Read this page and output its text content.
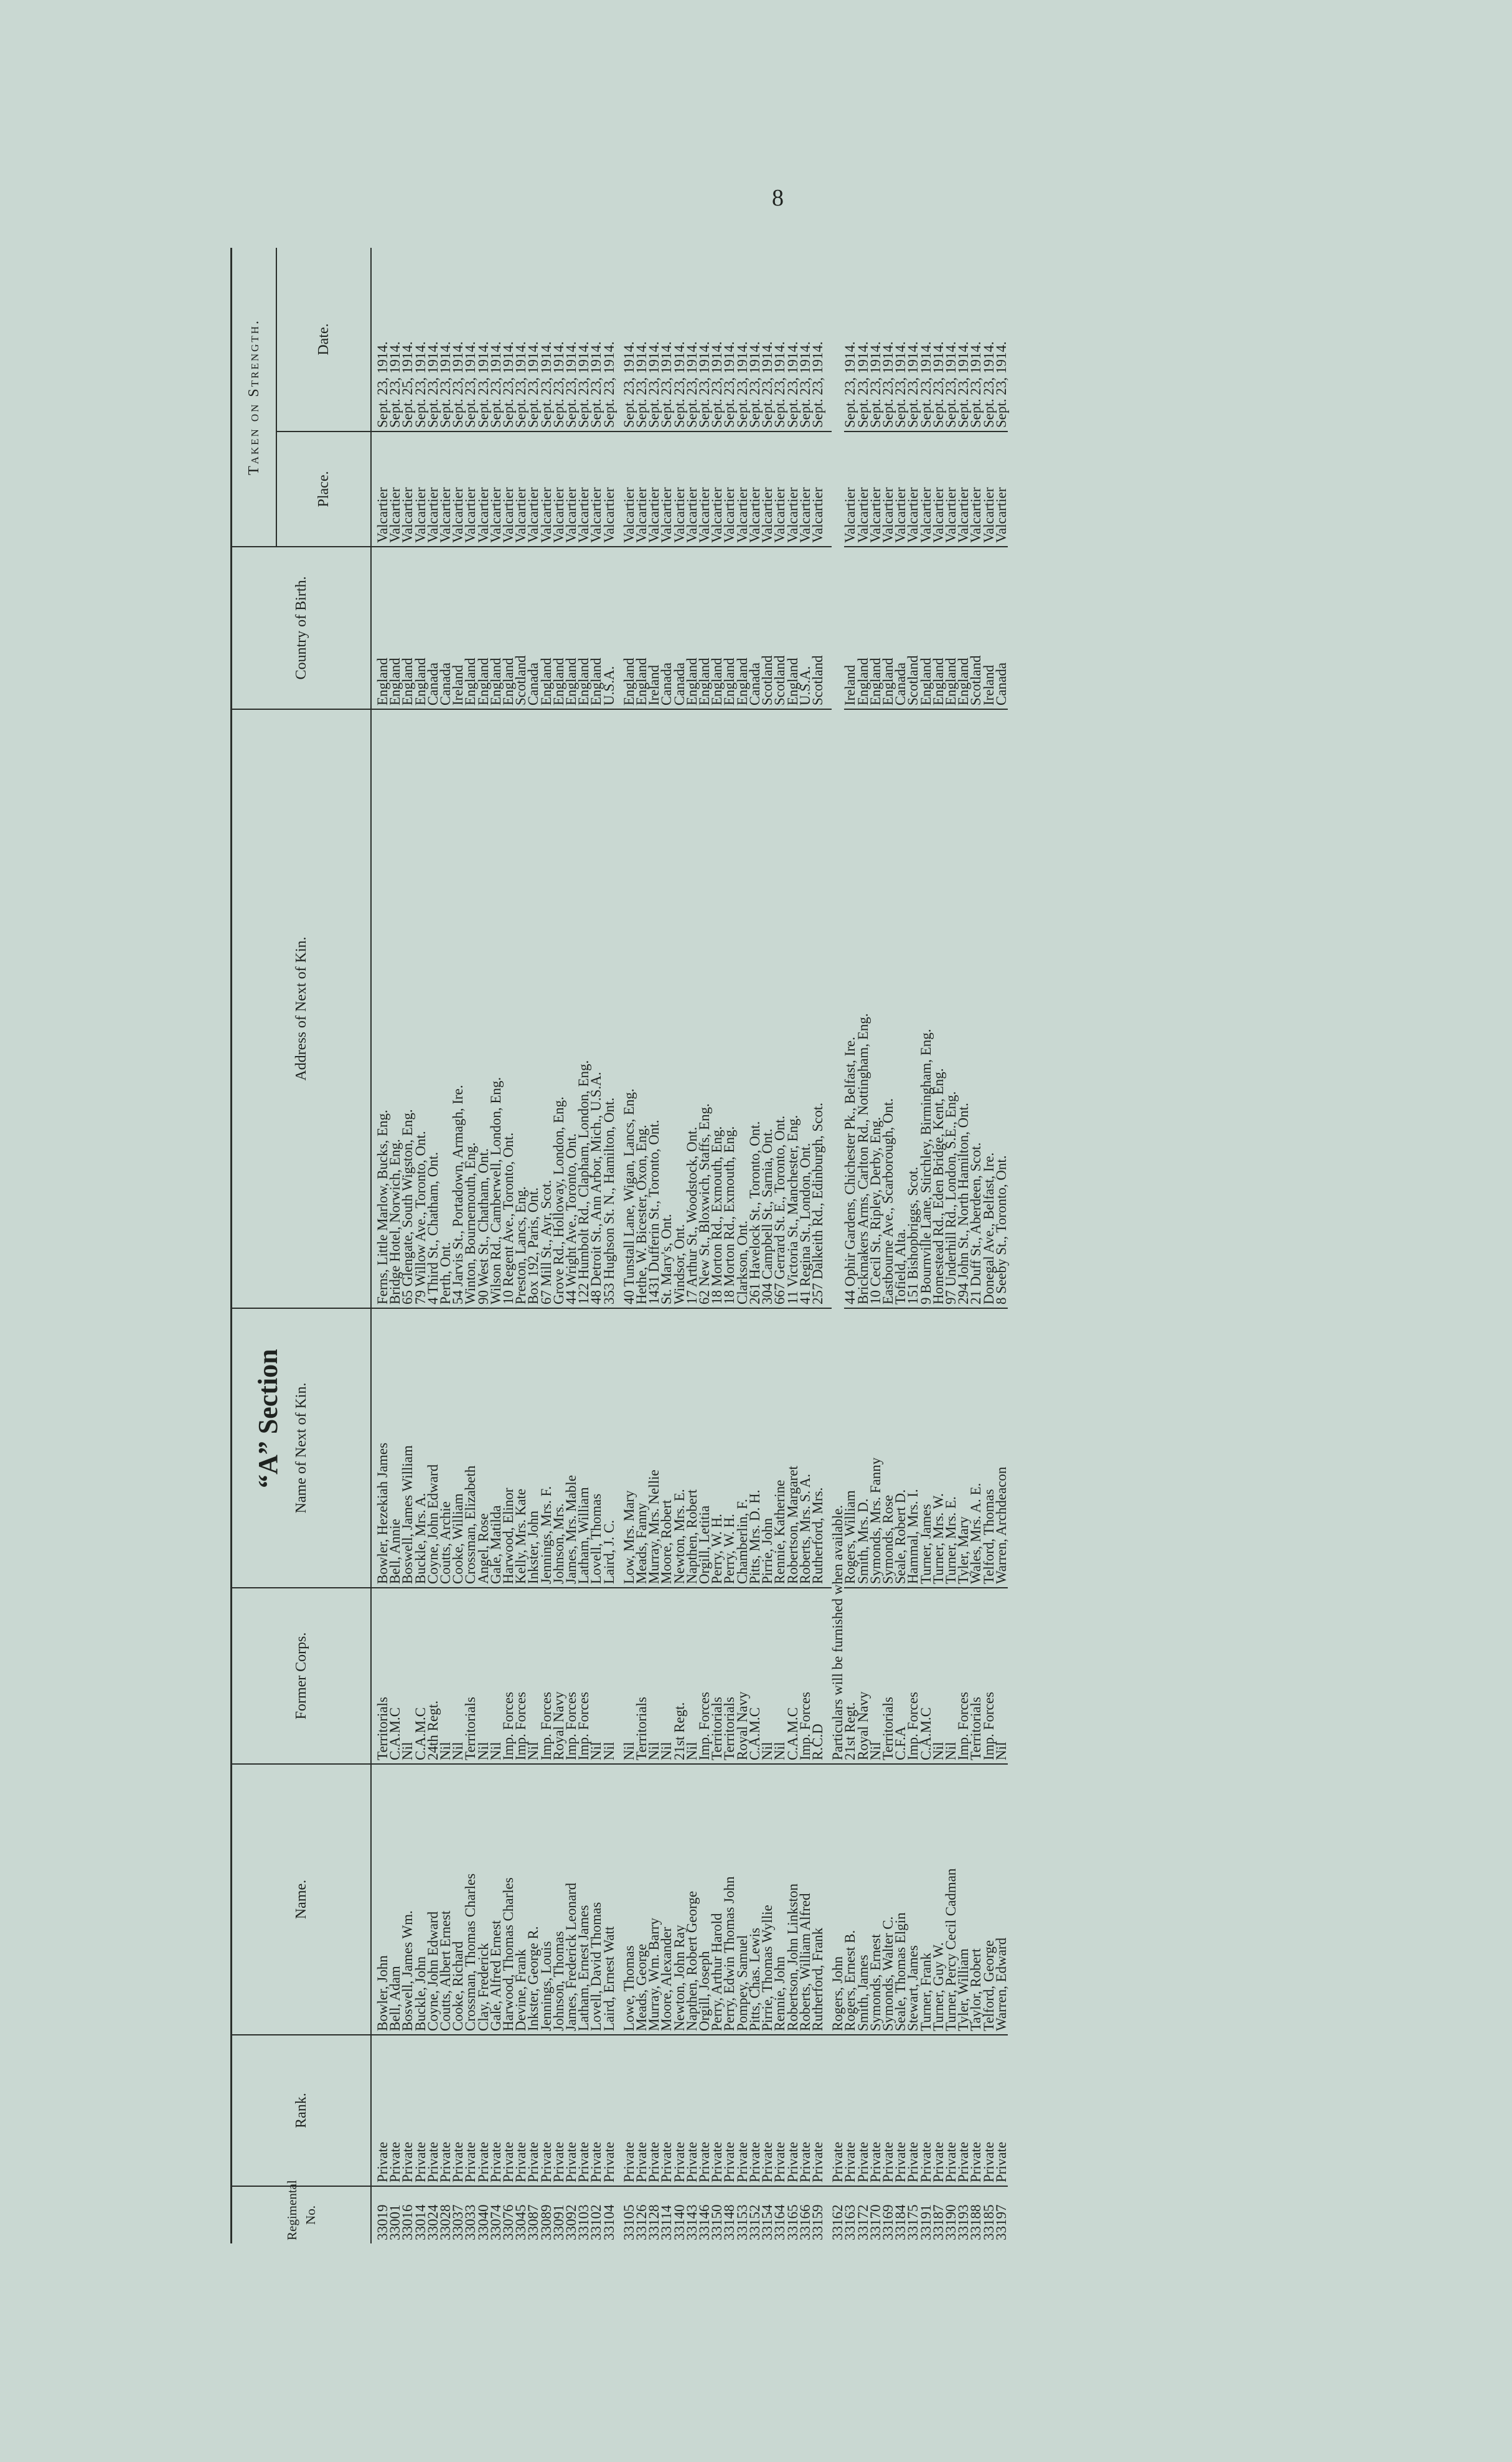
8
“A” Section
Regimental No.	Rank.	Name.	Former Corps.	Name of Next of Kin.	Address of Next of Kin.	Country of Birth.	Taken on Strength.	
							Place.	Date.
33019	Private	Bowler, John	Territorials	Bowler, Hezekiah James	Ferns, Little Marlow, Bucks, Eng.	England	Valcartier	Sept. 23, 1914.
33001	Private	Bell, Adam	C.A.M.C	Bell, Annie	Bridge Hotel, Norwich, Eng.	England	Valcartier	Sept. 23, 1914.
33016	Private	Boswell, James Wm.	Nil	Boswell, James William	65 Glengate, South Wigston, Eng.	England	Valcartier	Sept. 25, 1914.
33014	Private	Buckle, John	C.A.M.C	Buckle, Mrs. A.	79 Willow Ave., Toronto, Ont.	England	Valcartier	Sept. 23, 1914.
33024	Private	Coyne, John Edward	24th Regt.	Coyne, John Edward	4 Third St., Chatham, Ont.	Canada	Valcartier	Sept. 23, 1914.
33028	Private	Coutts, Albert Ernest	Nil	Coutts, Archie	Perth, Ont.	Canada	Valcartier	Sept. 23, 1914.
33037	Private	Cooke, Richard	Nil	Cooke, William	54 Jarvis St., Portadown, Armagh, Ire.	Ireland	Valcartier	Sept. 23, 1914.
33033	Private	Crossman, Thomas Charles	Territorials	Crossman, Elizabeth	Winton, Bournemouth, Eng.	England	Valcartier	Sept. 23, 1914.
33040	Private	Clay, Frederick	Nil	Angel, Rose	90 West St., Chatham, Ont.	England	Valcartier	Sept. 23, 1914.
33074	Private	Gale, Alfred Ernest	Nil	Gale, Matilda	Wilson Rd., Camberwell, London, Eng.	England	Valcartier	Sept. 23, 1914.
33076	Private	Harwood, Thomas Charles	Imp. Forces	Harwood, Elinor	10 Regent Ave., Toronto, Ont.	England	Valcartier	Sept. 23, 1914.
33045	Private	Devine, Frank	Imp. Forces	Kelly, Mrs. Kate	Preston, Lancs, Eng.	Scotland	Valcartier	Sept. 23, 1914.
33087	Private	Inkster, George R.	Nil	Inkster, John	Box 192, Paris, Ont.	Canada	Valcartier	Sept. 23, 1914.
33089	Private	Jennings, Louis	Imp. Forces	Jennings, Mrs. F.	67 Mill St., Ayr, Scot.	England	Valcartier	Sept. 23, 1914.
33091	Private	Johnson, Thomas	Royal Navy	Johnson, Mrs.	Grove Rd., Holloway, London, Eng.	England	Valcartier	Sept. 23, 1914.
33092	Private	James, Frederick Leonard	Imp. Forces	James, Mrs. Mable	44 Wright Ave., Toronto, Ont.	England	Valcartier	Sept. 23, 1914.
33103	Private	Latham, Ernest James	Imp. Forces	Latham, William	122 Humbolt Rd., Clapham, London, Eng.	England	Valcartier	Sept. 23, 1914.
33102	Private	Lovell, David Thomas	Nil	Lovell, Thomas	48 Detroit St., Ann Arbor, Mich., U.S.A.	England	Valcartier	Sept. 23, 1914.
33104	Private	Laird, Ernest Watt	Nil	Laird, J. C.	353 Hughson St. N., Hamilton, Ont.	U.S.A.	Valcartier	Sept. 23, 1914.

33105	Private	Lowe, Thomas	Nil	Low, Mrs. Mary	40 Tunstall Lane, Wigan, Lancs, Eng.	England	Valcartier	Sept. 23, 1914.
33126	Private	Meads, George	Territorials	Meads, Fanny	Hethe, W. Bicester, Oxon, Eng.	England	Valcartier	Sept. 23, 1914.
33128	Private	Murray, Wm. Barry	Nil	Murray, Mrs. Nellie	1431 Dufferin St., Toronto, Ont.	Ireland	Valcartier	Sept. 23, 1914.
33114	Private	Moore, Alexander	Nil	Moore, Robert	St. Mary's, Ont.	Canada	Valcartier	Sept. 23, 1914.
33140	Private	Newton, John Ray	21st Regt.	Newton, Mrs. E.	Windsor, Ont.	Canada	Valcartier	Sept. 23, 1914.
33143	Private	Napthen, Robert George	Nil	Napthen, Robert	17 Arthur St., Woodstock, Ont.	England	Valcartier	Sept. 23, 1914.
33146	Private	Orgill, Joseph	Imp. Forces	Orgill, Letitia	62 New St., Bloxwich, Staffs, Eng.	England	Valcartier	Sept. 23, 1914.
33150	Private	Perry, Arthur Harold	Territorials	Perry, W. H.	18 Morton Rd., Exmouth, Eng.	England	Valcartier	Sept. 23, 1914.
33148	Private	Perry, Edwin Thomas John	Territorials	Perry, W. H.	18 Morton Rd., Exmouth, Eng.	England	Valcartier	Sept. 23, 1914.
33153	Private	Pompey, Samuel	Royal Navy	Chamberlin, F.	Clarkson, Ont.	England	Valcartier	Sept. 23, 1914.
33152	Private	Pitts, Chas. Lewis	C.A.M.C	Pitts, Mrs. D. H.	261 Havelock St., Toronto, Ont.	Canada	Valcartier	Sept. 23, 1914.
33154	Private	Pirrie, Thomas Wyllie	Nil	Pirrie, John	304 Campbell St., Sarnia, Ont.	Scotland	Valcartier	Sept. 23, 1914.
33164	Private	Rennie, John	Nil	Rennie, Katherine	667 Gerrard St. E., Toronto, Ont.	Scotland	Valcartier	Sept. 23, 1914.
33165	Private	Robertson, John Linkston	C.A.M.C	Robertson, Margaret	11 Victoria St., Manchester, Eng.	England	Valcartier	Sept. 23, 1914.
33166	Private	Roberts, William Alfred	Imp. Forces	Roberts, Mrs. S. A.	41 Regina St., London, Ont.	U.S.A.	Valcartier	Sept. 23, 1914.
33159	Private	Rutherford, Frank	R.C.D	Rutherford, Mrs.	257 Dalkeith Rd., Edinburgh, Scot.	Scotland	Valcartier	Sept. 23, 1914.

33162	Private	Rogers, John	Particulars will be furnished when available.					
33163	Private	Rogers, Ernest B.	21st Regt.	Rogers, William	44 Ophir Gardens, Chichester Pk., Belfast, Ire.	Ireland	Valcartier	Sept. 23, 1914.
33172	Private	Smith, James	Royal Navy	Smith, Mrs. D.	Brickmakers Arms, Carlton Rd., Nottingham, Eng.	England	Valcartier	Sept. 23, 1914.
33170	Private	Symonds, Ernest	Nil	Symonds, Mrs. Fanny	10 Cecil St., Ripley, Derby, Eng.	England	Valcartier	Sept. 23, 1914.
33169	Private	Symonds, Walter C.	Territorials	Symonds, Rose	Eastbourne Ave., Scarborough, Ont.	England	Valcartier	Sept. 23, 1914.
33184	Private	Seale, Thomas Elgin	C.F.A	Seale, Robert D.	Tofield, Alta.	Canada	Valcartier	Sept. 23, 1914.
33175	Private	Stewart, James	Imp. Forces	Hammal, Mrs. I.	151 Bishopbriggs, Scot.	Scotland	Valcartier	Sept. 23, 1914.
33191	Private	Turner, Frank	C.A.M.C	Turner, James	9 Bournville Lane, Stirchley, Birmingham, Eng.	England	Valcartier	Sept. 23, 1914.
33187	Private	Turner, Guy W.	Nil	Turner, Mrs. W.	Homestead Rd., Eden Bridge, Kent, Eng.	England	Valcartier	Sept. 23, 1914.
33190	Private	Turner, Percy Cecil Cadman	Nil	Turner, Mrs. E.	97 Underhill Rd., London, S.E., Eng.	England	Valcartier	Sept. 23, 1914.
33193	Private	Tyler, William	Imp. Forces	Tyler, Mary	294 John St., North Hamilton, Ont.	England	Valcartier	Sept. 23, 1914.
33188	Private	Taylor, Robert	Territorials	Wales, Mrs. A. E.	21 Duff St., Aberdeen, Scot.	Scotland	Valcartier	Sept. 23, 1914.
33185	Private	Telford, George	Imp. Forces	Telford, Thomas	Donegal Ave., Belfast, Ire.	Ireland	Valcartier	Sept. 23, 1914.
33197	Private	Warren, Edward	Nil	Warren, Archdeacon	8 Seeby St., Toronto, Ont.	Canada	Valcartier	Sept. 23, 1914.
